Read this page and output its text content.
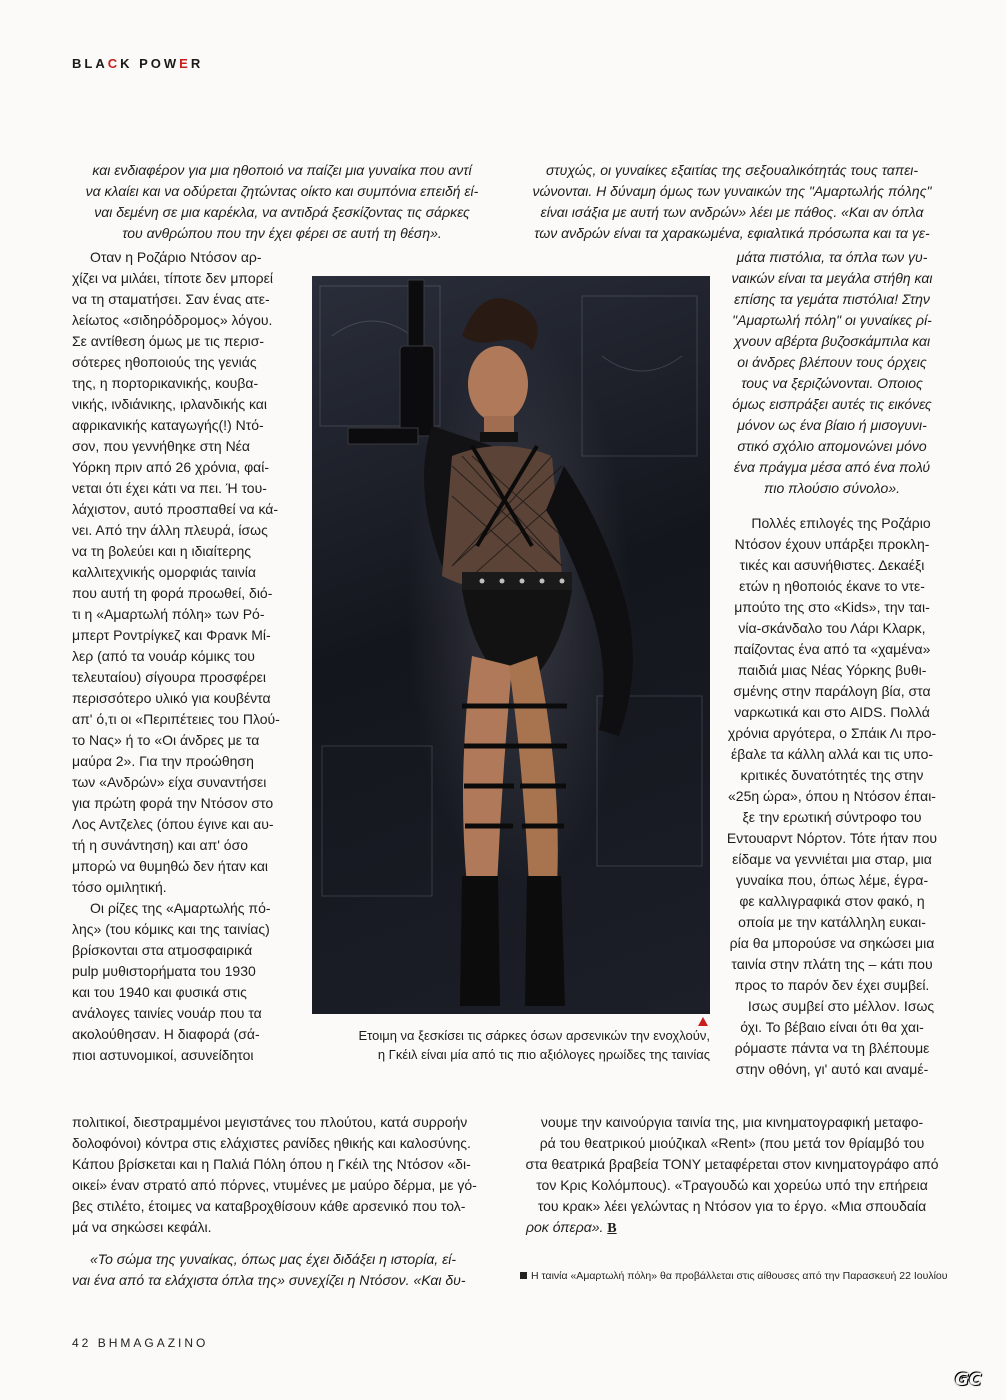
BLACK POWER

και ενδιαφέρον για μια ηθοποιό να παίζει μια γυναίκα που αντί

να κλαίει και να οδύρεται ζητώντας οίκτο και συμπόνια επειδή εί-

ναι δεμένη σε μια καρέκλα, να αντιδρά ξεσκίζοντας τις σάρκες

του ανθρώπου που την έχει φέρει σε αυτή τη θέση».

Οταν η Ροζάριο Ντόσον αρ-

χίζει να μιλάει, τίποτε δεν μπορεί

να τη σταματήσει. Σαν ένας ατε-

λείωτος «σιδηρόδρομος» λόγου.

Σε αντίθεση όμως με τις περισ-

σότερες ηθοποιούς της γενιάς

της, η πορτορικανικής, κουβα-

νικής, ινδιάνικης, ιρλανδικής και

αφρικανικής καταγωγής(!) Ντό-

σον, που γεννήθηκε στη Νέα

Υόρκη πριν από 26 χρόνια, φαί-

νεται ότι έχει κάτι να πει. Ή του-

λάχιστον, αυτό προσπαθεί να κά-

νει. Από την άλλη πλευρά, ίσως

να τη βολεύει και η ιδιαίτερης

καλλιτεχνικής ομορφιάς ταινία

που αυτή τη φορά προωθεί, διό-

τι η «Αμαρτωλή πόλη» των Ρό-

μπερτ Ροντρίγκεζ και Φρανκ Μί-

λερ (από τα νουάρ κόμικς του

τελευταίου) σίγουρα προσφέρει

περισσότερο υλικό για κουβέντα

απ' ό,τι οι «Περιπέτειες του Πλού-

το Νας» ή το «Οι άνδρες με τα

μαύρα 2». Για την προώθηση

των «Ανδρών» είχα συναντήσει

για πρώτη φορά την Ντόσον στο

Λος Αντζελες (όπου έγινε και αυ-

τή η συνάντηση) και απ' όσο

μπορώ να θυμηθώ δεν ήταν και

τόσο ομιλητική.

Οι ρίζες της «Αμαρτωλής πό-

λης» (του κόμικς και της ταινίας)

βρίσκονται στα ατμοσφαιρικά

pulp μυθιστορήματα του 1930

και του 1940 και φυσικά στις

ανάλογες ταινίες νουάρ που τα

ακολούθησαν. Η διαφορά (σά-

πιοι αστυνομικοί, ασυνείδητοι

πολιτικοί, διεστραμμένοι μεγιστάνες του πλούτου, κατά συρροήν

δολοφόνοι) κόντρα στις ελάχιστες ρανίδες ηθικής και καλοσύνης.

Κάπου βρίσκεται και η Παλιά Πόλη όπου η Γκέιλ της Ντόσον «δι-

οικεί» έναν στρατό από πόρνες, ντυμένες με μαύρο δέρμα, με γό-

βες στιλέτο, έτοιμες να καταβροχθίσουν κάθε αρσενικό που τολ-

μά να σηκώσει κεφάλι.

«Το σώμα της γυναίκας, όπως μας έχει διδάξει η ιστορία, εί-

ναι ένα από τα ελάχιστα όπλα της» συνεχίζει η Ντόσον. «Και δυ-

στυχώς, οι γυναίκες εξαιτίας της σεξουαλικότητάς τους ταπει-

νώνονται. Η δύναμη όμως των γυναικών της "Αμαρτωλής πόλης"

είναι ισάξια με αυτή των ανδρών» λέει με πάθος. «Και αν όπλα

των ανδρών είναι τα χαρακωμένα, εφιαλτικά πρόσωπα και τα γε-

μάτα πιστόλια, τα όπλα των γυ-

ναικών είναι τα μεγάλα στήθη και

επίσης τα γεμάτα πιστόλια! Στην

"Αμαρτωλή πόλη" οι γυναίκες ρί-

χνουν αβέρτα βυζοσκάμπιλα και

οι άνδρες βλέπουν τους όρχεις

τους να ξεριζώνονται. Οποιος

όμως εισπράξει αυτές τις εικόνες

μόνον ως ένα βίαιο ή μισογυνι-

στικό σχόλιο απομονώνει μόνο

ένα πράγμα μέσα από ένα πολύ

πιο πλούσιο σύνολο».

Πολλές επιλογές της Ροζάριο

Ντόσον έχουν υπάρξει προκλη-

τικές και ασυνήθιστες. Δεκαέξι

ετών η ηθοποιός έκανε το ντε-

μπούτο της στο «Kids», την ται-

νία-σκάνδαλο του Λάρι Κλαρκ,

παίζοντας ένα από τα «χαμένα»

παιδιά μιας Νέας Υόρκης βυθι-

σμένης στην παράλογη βία, στα

ναρκωτικά και στο AIDS. Πολλά

χρόνια αργότερα, ο Σπάικ Λι προ-

έβαλε τα κάλλη αλλά και τις υπο-

κριτικές δυνατότητές της στην

«25η ώρα», όπου η Ντόσον έπαι-

ξε την ερωτική σύντροφο του

Εντουαρντ Νόρτον. Τότε ήταν που

είδαμε να γεννιέται μια σταρ, μια

γυναίκα που, όπως λέμε, έγρα-

φε καλλιγραφικά στον φακό, η

οποία με την κατάλληλη ευκαι-

ρία θα μπορούσε να σηκώσει μια

ταινία στην πλάτη της – κάτι που

προς το παρόν δεν έχει συμβεί.

Ισως συμβεί στο μέλλον. Ισως

όχι. Το βέβαιο είναι ότι θα χαι-

ρόμαστε πάντα να τη βλέπουμε

στην οθόνη, γι' αυτό και αναμέ-

νουμε την καινούργια ταινία της, μια κινηματογραφική μεταφο-

ρά του θεατρικού μιούζικαλ «Rent» (που μετά τον θρίαμβό του

στα θεατρικά βραβεία TONY μεταφέρεται στον κινηματογράφο από

τον Κρις Κολόμπους). «Τραγουδώ και χορεύω υπό την επήρεια

του κρακ» λέει γελώντας η Ντόσον για το έργο. «Μια σπουδαία

ροκ όπερα». B
Ετοιμη να ξεσκίσει τις σάρκες όσων αρσενικών την ενοχλούν,
η Γκέιλ είναι μία από τις πιο αξιόλογες ηρωίδες της ταινίας
Η ταινία «Αμαρτωλή πόλη» θα προβάλλεται στις αίθουσες από την Παρασκευή 22 Ιουλίου
42 ΒΗMAGAZINO
GC
